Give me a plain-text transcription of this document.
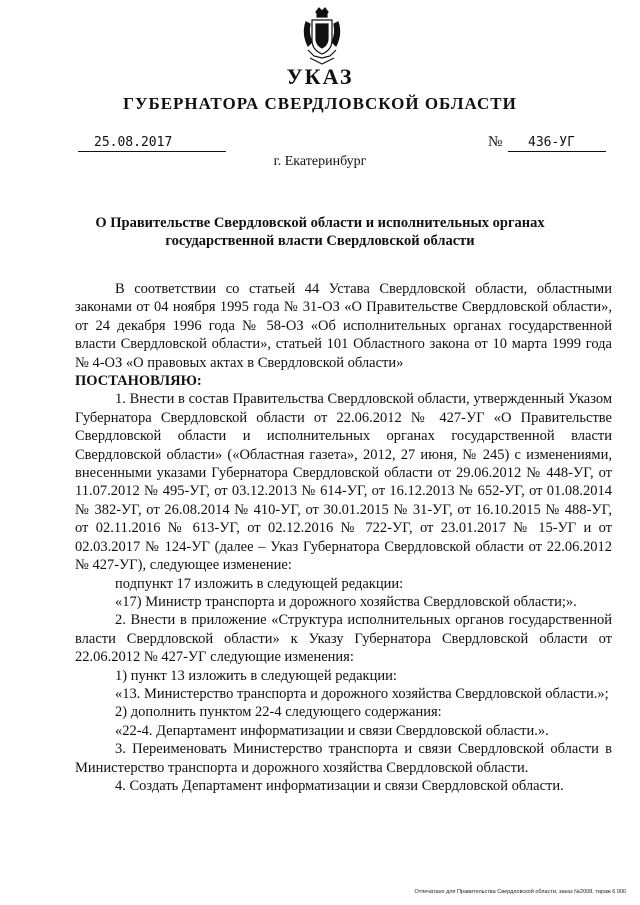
УКАЗ
ГУБЕРНАТОРА СВЕРДЛОВСКОЙ ОБЛАСТИ
25.08.2017	№	436-УГ
г. Екатеринбург
О Правительстве Свердловской области и исполнительных органах
государственной власти Свердловской области

В соответствии со статьей 44 Устава Свердловской области, областными законами от 04 ноября 1995 года № 31-ОЗ «О Правительстве Свердловской области», от 24 декабря 1996 года № 58-ОЗ «Об исполнительных органах государственной власти Свердловской области», статьей 101 Областного закона от 10 марта 1999 года № 4-ОЗ «О правовых актах в Свердловской области»

ПОСТАНОВЛЯЮ:

1. Внести в состав Правительства Свердловской области, утвержденный Указом Губернатора Свердловской области от 22.06.2012 № 427-УГ «О Правительстве Свердловской области и исполнительных органах государственной власти Свердловской области» («Областная газета», 2012, 27 июня, № 245) с изменениями, внесенными указами Губернатора Свердловской области от 29.06.2012 № 448-УГ, от 11.07.2012 № 495-УГ, от 03.12.2013 № 614-УГ, от 16.12.2013 № 652-УГ, от 01.08.2014 № 382-УГ, от 26.08.2014 № 410-УГ, от 30.01.2015 № 31-УГ, от 16.10.2015 № 488-УГ, от 02.11.2016 № 613-УГ, от 02.12.2016 № 722-УГ, от 23.01.2017 № 15-УГ и от 02.03.2017 № 124-УГ (далее – Указ Губернатора Свердловской области от 22.06.2012 № 427-УГ), следующее изменение:

подпункт 17 изложить в следующей редакции:

«17) Министр транспорта и дорожного хозяйства Свердловской области;».

2. Внести в приложение «Структура исполнительных органов государственной власти Свердловской области» к Указу Губернатора Свердловской области от 22.06.2012 № 427-УГ следующие изменения:

1) пункт 13 изложить в следующей редакции:

«13. Министерство транспорта и дорожного хозяйства Свердловской области.»;

2) дополнить пунктом 22-4 следующего содержания:

«22-4. Департамент информатизации и связи Свердловской области.».

3. Переименовать Министерство транспорта и связи Свердловской области в Министерство транспорта и дорожного хозяйства Свердловской области.

4. Создать Департамент информатизации и связи Свердловской области.

Отпечатано для Правительства Свердловской области, заказ №2008, тираж 6 000
